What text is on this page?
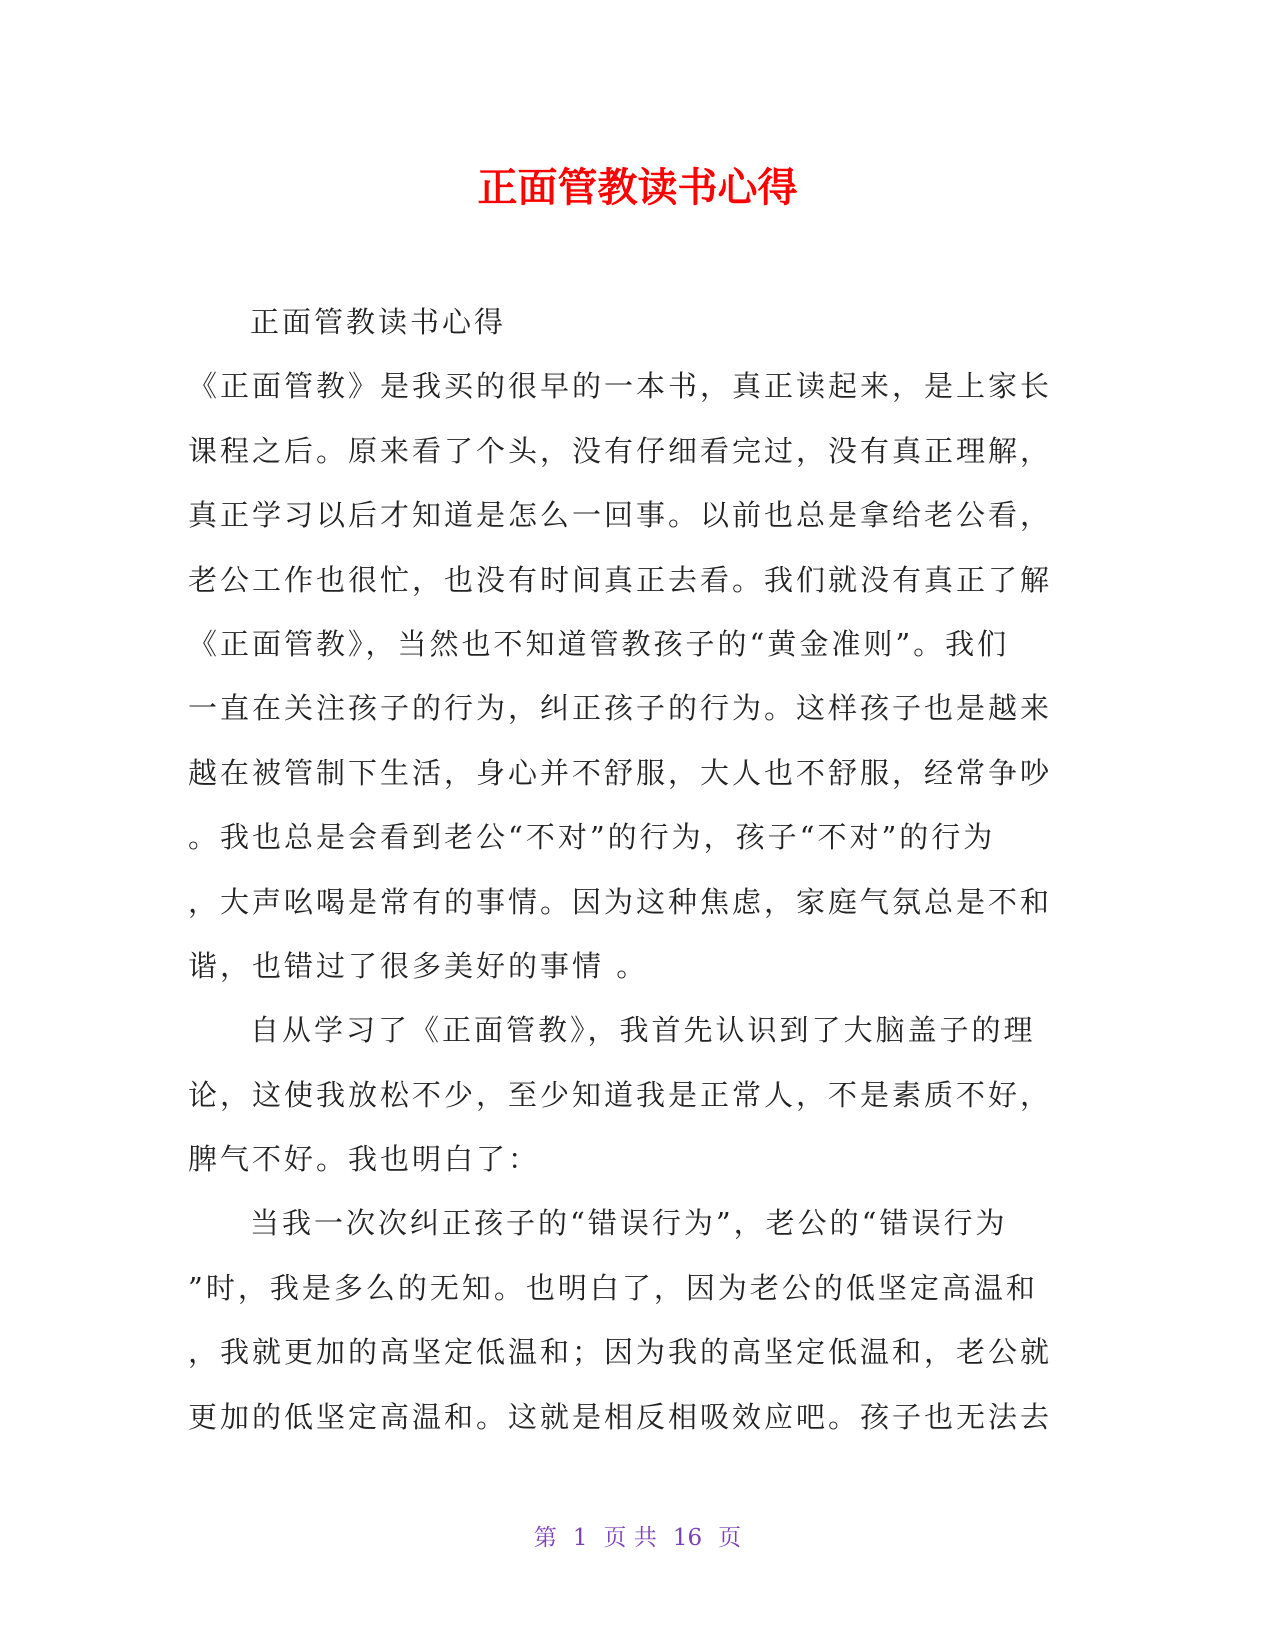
正面管教读书心得
正面管教读书心得
《正面管教》是我买的很早的一本书，真正读起来，是上家长
课程之后。原来看了个头，没有仔细看完过，没有真正理解，
真正学习以后才知道是怎么一回事。以前也总是拿给老公看，
老公工作也很忙，也没有时间真正去看。我们就没有真正了解
《正面管教》，当然也不知道管教孩子的“黄金准则”。我们
一直在关注孩子的行为，纠正孩子的行为。这样孩子也是越来
越在被管制下生活，身心并不舒服，大人也不舒服，经常争吵
。我也总是会看到老公“不对”的行为，孩子“不对”的行为
，大声吆喝是常有的事情。因为这种焦虑，家庭气氛总是不和
谐，也错过了很多美好的事情 。
自从学习了《正面管教》，我首先认识到了大脑盖子的理
论，这使我放松不少，至少知道我是正常人，不是素质不好，
脾气不好。我也明白了：
当我一次次纠正孩子的“错误行为”，老公的“错误行为
”时，我是多么的无知。也明白了，因为老公的低坚定高温和
，我就更加的高坚定低温和；因为我的高坚定低温和，老公就
更加的低坚定高温和。这就是相反相吸效应吧。孩子也无法去
第 1 页 共 16 页
